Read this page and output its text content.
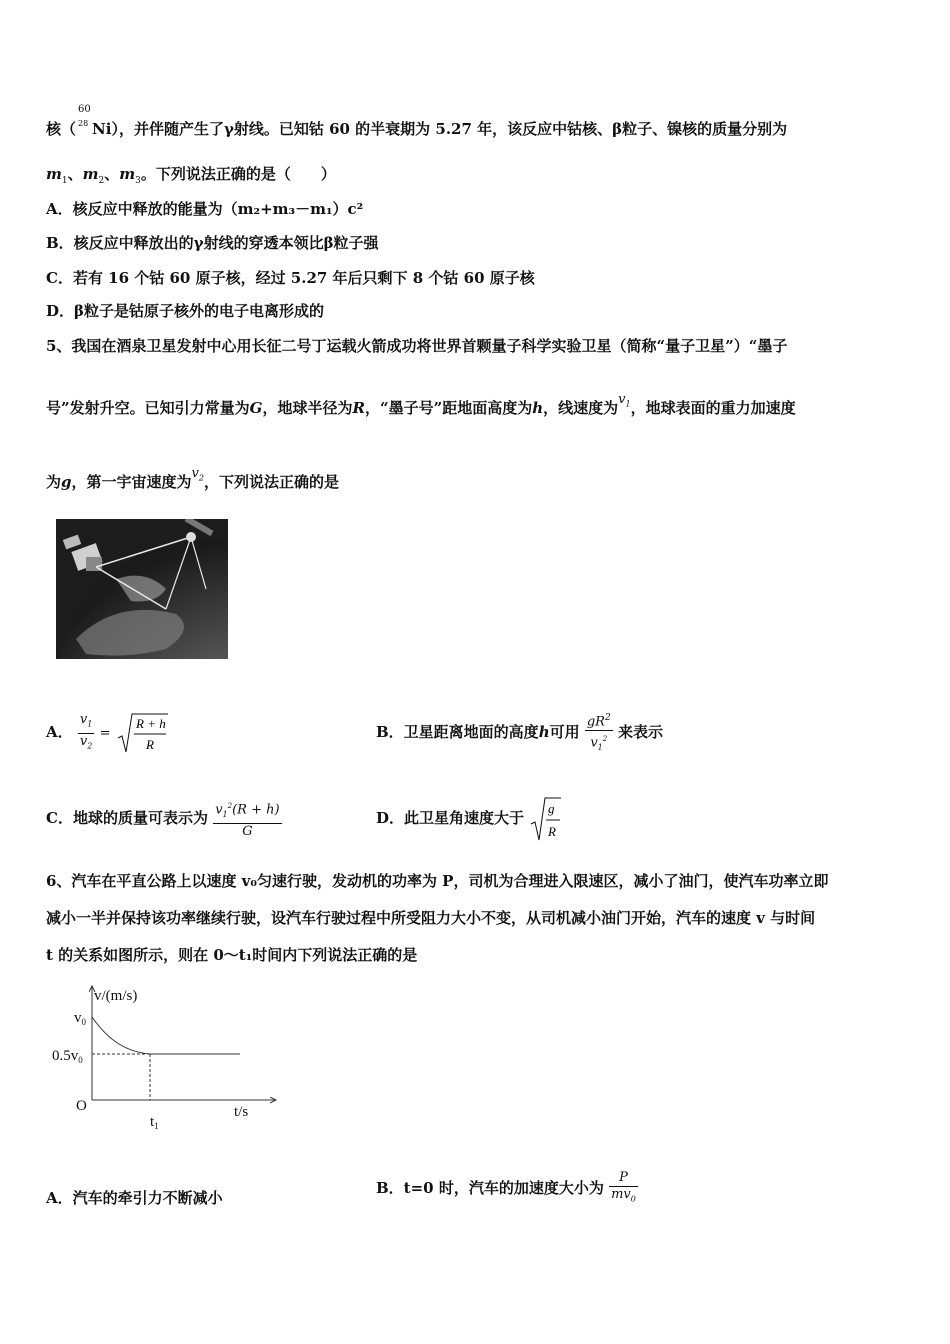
核（
60
28 Ni），并伴随产生了γ射线。已知钴 60 的半衰期为 5.27 年，该反应中钴核、β粒子、镍核的质量分别为
$m_1$、$m_2$、$m_3$。下列说法正确的是（　　）
A．核反应中释放的能量为（m₂+m₃－m₁）c²
B．核反应中释放出的γ射线的穿透本领比β粒子强
C．若有 16 个钴 60 原子核，经过 5.27 年后只剩下 8 个钴 60 原子核
D．β粒子是钴原子核外的电子电离形成的
5、我国在酒泉卫星发射中心用长征二号丁运载火箭成功将世界首颗量子科学实验卫星（简称“量子卫星”）“墨子
号”发射升空。已知引力常量为G，地球半径为R，“墨子号”距地面高度为h，线速度为$v_1$，地球表面的重力加速度
为g，第一宇宙速度为$v_2$，下列说法正确的是
A． $\frac{v_1}{v_2}$ =
R + h
R
B．卫星距离地面的高度h可用 $\frac{gR^2}{v_1^2}$ 来表示
C．地球的质量可表示为 $\frac{v_1^2(R + h)}{G}$	D．此卫星角速度大于
g
R
6、汽车在平直公路上以速度 v₀匀速行驶，发动机的功率为 P，司机为合理进入限速区，减小了油门，使汽车功率立即
减小一半并保持该功率继续行驶，设汽车行驶过程中所受阻力大小不变，从司机减小油门开始，汽车的速度 v 与时间
t 的关系如图所示，则在 0～t₁时间内下列说法正确的是
v/(m/s)
t/s
$v_0$
$0.5v_0$
O
$t_1$
A．汽车的牵引力不断减小
B．t=0 时，汽车的加速度大小为 $\frac{P}{mv_0}$
